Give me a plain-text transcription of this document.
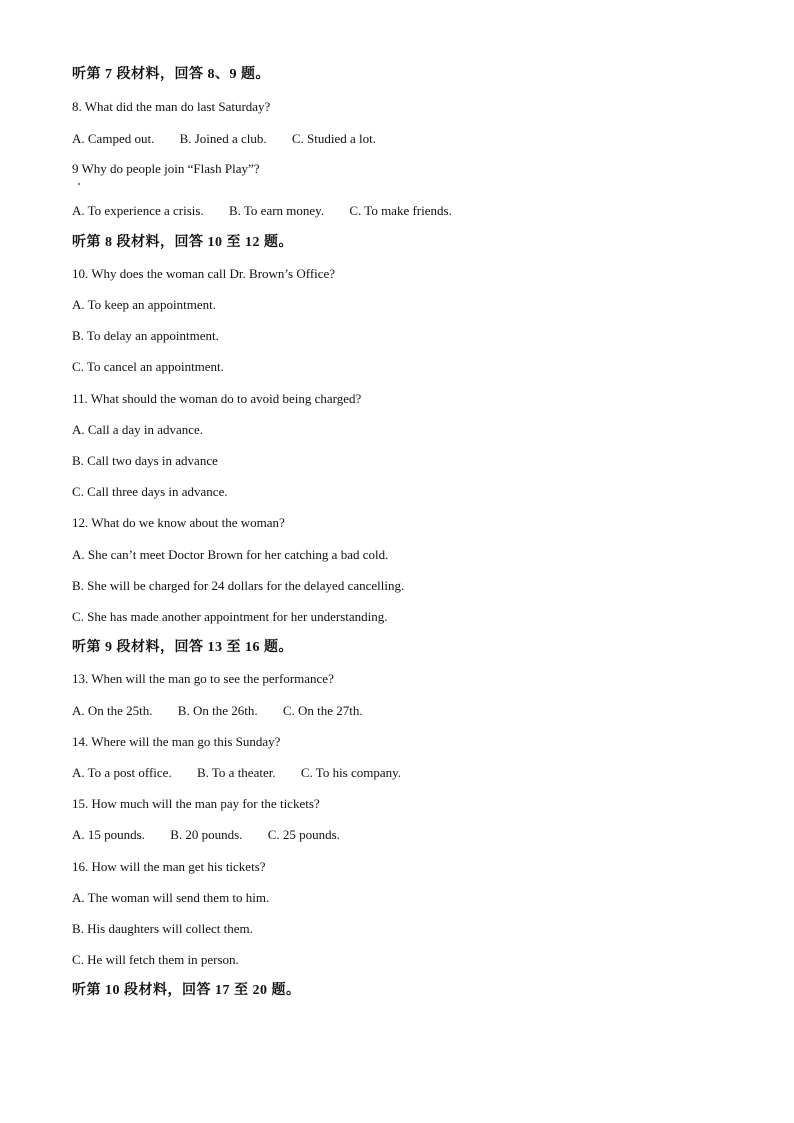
听第 7 段材料，回答 8、9 题。
8. What did the man do last Saturday?
A. Camped out. B. Joined a club. C. Studied a lot.
9 Why do people join “Flash Play”?
A. To experience a crisis. B. To earn money. C. To make friends.
听第 8 段材料，回答 10 至 12 题。
10. Why does the woman call Dr. Brown’s Office?
A. To keep an appointment.
B. To delay an appointment.
C. To cancel an appointment.
11. What should the woman do to avoid being charged?
A. Call a day in advance.
B. Call two days in advance
C. Call three days in advance.
12. What do we know about the woman?
A. She can’t meet Doctor Brown for her catching a bad cold.
B. She will be charged for 24 dollars for the delayed cancelling.
C. She has made another appointment for her understanding.
听第 9 段材料，回答 13 至 16 题。
13. When will the man go to see the performance?
A. On the 25th. B. On the 26th. C. On the 27th.
14. Where will the man go this Sunday?
A. To a post office. B. To a theater. C. To his company.
15. How much will the man pay for the tickets?
A. 15 pounds. B. 20 pounds. C. 25 pounds.
16. How will the man get his tickets?
A. The woman will send them to him.
B. His daughters will collect them.
C. He will fetch them in person.
听第 10 段材料，回答 17 至 20 题。
